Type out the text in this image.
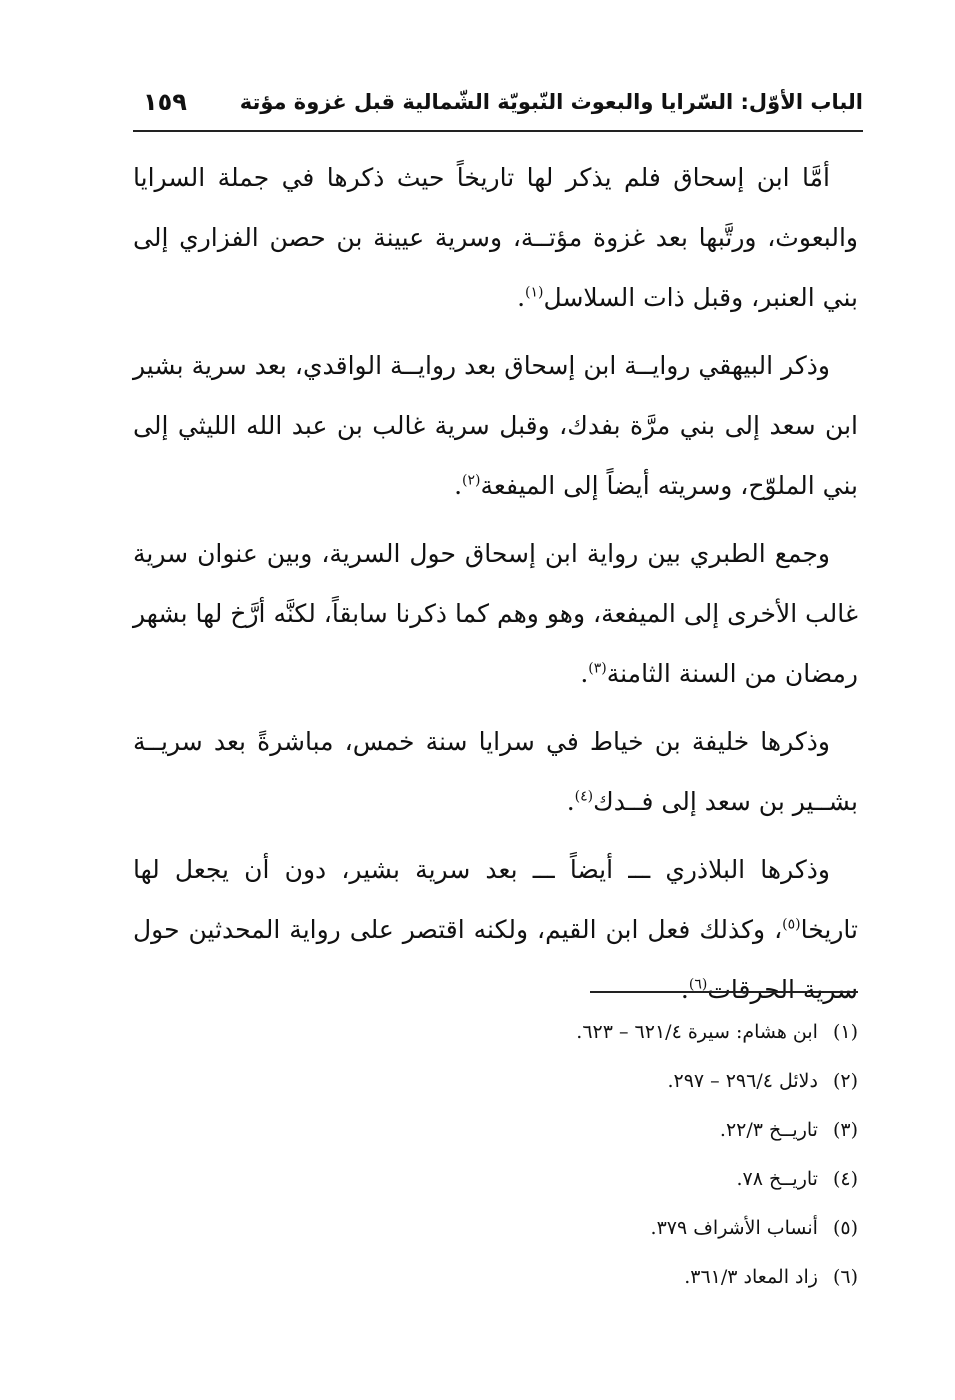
الباب الأوّل: السّرايا والبعوث النّبويّة الشّمالية قبل غزوة مؤتة
١٥٩

أمَّا ابن إسحاق فلم يذكر لها تاريخاً حيث ذكرها في جملة السرايا والبعوث، ورتَّبها بعد غزوة مؤتــة، وسرية عيينة بن حصن الفزاري إلى بني العنبر، وقبل ذات السلاسل$^{(١)}$.

وذكر البيهقي روايــة ابن إسحاق بعد روايــة الواقدي، بعد سرية بشير ابن سعد إلى بني مرَّة بفدك، وقبل سرية غالب بن عبد الله الليثي إلى بني الملوّح، وسريته أيضاً إلى الميفعة$^{(٢)}$.

وجمع الطبري بين رواية ابن إسحاق حول السرية، وبين عنوان سرية غالب الأخرى إلى الميفعة، وهو وهم كما ذكرنا سابقاً، لكنَّه أرَّخ لها بشهر رمضان من السنة الثامنة$^{(٣)}$.

وذكرها خليفة بن خياط في سرايا سنة خمس، مباشرةً بعد سريــة بشــير بن سعد إلى فــدك$^{(٤)}$.

وذكرها البلاذري ـــ أيضاً ـــ بعد سرية بشير، دون أن يجعل لها تاريخا$^{(٥)}$، وكذلك فعل ابن القيم، ولكنه اقتصر على رواية المحدثين حول سرية الحرقات$^{(٦)}$.

(١) ابن هشام: سيرة ٦٢١/٤ – ٦٢٣.
(٢) دلائل ٢٩٦/٤ – ٢٩٧.
(٣) تاريــخ ٢٢/٣.
(٤) تاريــخ ٧٨.
(٥) أنساب الأشراف ٣٧٩.
(٦) زاد المعاد ٣٦١/٣.
